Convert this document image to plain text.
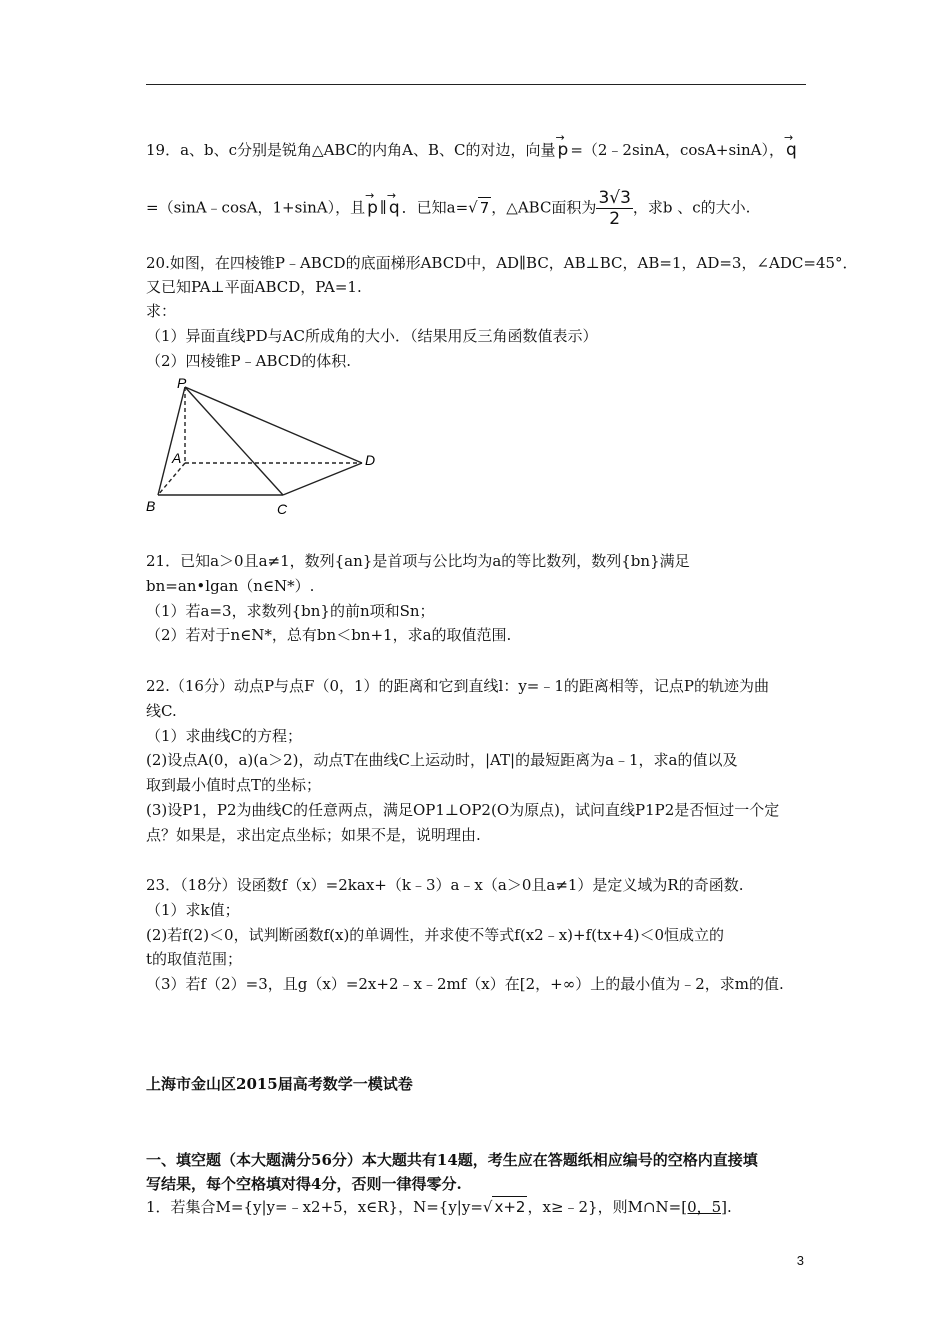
19．a、b、c分别是锐角△ABC的内角A、B、C的对边，向量 → p =（2﹣2sinA，cosA+sinA）， → q
=（sinA﹣cosA，1+sinA），且 → p ∥ → q ．已知a=√ 7 ，△ABC面积为 $\frac{3√3}{2}$ ，求b 、c的大小.
20.如图，在四棱锥P﹣ABCD的底面梯形ABCD中，AD∥BC，AB⊥BC，AB=1，AD=3，∠ADC=45°．
又已知PA⊥平面ABCD，PA=1.
求：
（1）异面直线PD与AC所成角的大小．（结果用反三角函数值表示）
（2）四棱锥P﹣ABCD的体积.
P
A
B	C
D
21．已知a＞0且a≠1，数列{an}是首项与公比均为a的等比数列，数列{bn}满足
bn=an•lgan（n∈N*）.
（1）若a=3，求数列{bn}的前n项和Sn；
（2）若对于n∈N*，总有bn＜bn+1，求a的取值范围.
22.（16分）动点P与点F（0，1）的距离和它到直线l：y=﹣1的距离相等，记点P的轨迹为曲
线C.
（1）求曲线C的方程；
(2)设点A(0，a)(a＞2)，动点T在曲线C上运动时，|AT|的最短距离为a﹣1，求a的值以及
取到最小值时点T的坐标；
(3)设P1，P2为曲线C的任意两点，满足OP1⊥OP2(O为原点)，试问直线P1P2是否恒过一个定
点？如果是，求出定点坐标；如果不是，说明理由.
23．（18分）设函数f（x）=2kax+（k﹣3）a﹣x（a＞0且a≠1）是定义域为R的奇函数.
（1）求k值；
(2)若f(2)＜0，试判断函数f(x)的单调性，并求使不等式f(x2﹣x)+f(tx+4)＜0恒成立的
t的取值范围；
（3）若f（2）=3，且g（x）=2x+2﹣x﹣2mf（x）在[2，+∞）上的最小值为﹣2，求m的值.
上海市金山区2015届高考数学一模试卷
一、填空题（本大题满分56分）本大题共有14题，考生应在答题纸相应编号的空格内直接填
写结果，每个空格填对得4分，否则一律得零分.
1．若集合M={y|y=﹣x2+5，x∈R}，N={y|y=√ x+2 ，x≥﹣2}，则M∩N=[0，5].
3
